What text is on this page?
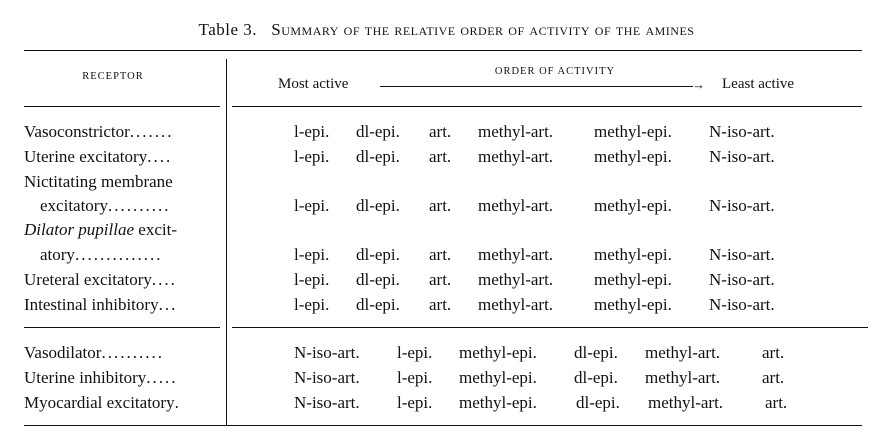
Table 3. Summary of the relative order of activity of the amines
RECEPTOR	ORDER OF ACTIVITY
Most active	→ Least active
Vasoconstrictor.......	l-epi. dl-epi. art. methyl-art. methyl-epi. N-iso-art.
Uterine excitatory....	l-epi. dl-epi. art. methyl-art. methyl-epi. N-iso-art.
Nictitating membrane
excitatory..........	l-epi. dl-epi. art. methyl-art. methyl-epi. N-iso-art.
Dilator pupillae excit-
atory..............	l-epi. dl-epi. art. methyl-art. methyl-epi. N-iso-art.
Ureteral excitatory....	l-epi. dl-epi. art. methyl-art. methyl-epi. N-iso-art.
Intestinal inhibitory...	l-epi. dl-epi. art. methyl-art. methyl-epi. N-iso-art.
Vasodilator..........	N-iso-art. l-epi. methyl-epi. dl-epi. methyl-art. art.
Uterine inhibitory.....	N-iso-art. l-epi. methyl-epi. dl-epi. methyl-art. art.
Myocardial excitatory.	N-iso-art. l-epi. methyl-epi. dl-epi. methyl-art. art.
